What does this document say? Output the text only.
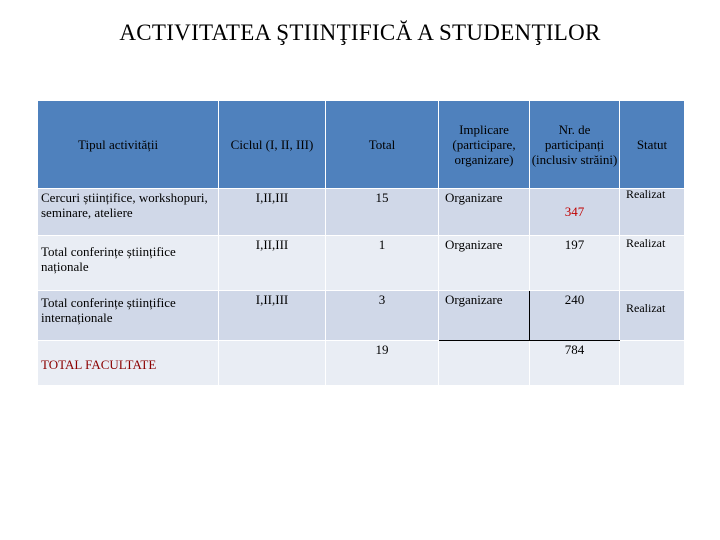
ACTIVITATEA ŞTIINŢIFICĂ A STUDENŢILOR
Tipul activității	Ciclul (I, II, III)	Total	Implicare (participare, organizare)	Nr. de participanți (inclusiv străini)	Statut
Cercuri științifice, workshopuri, seminare, ateliere	I,II,III	15	Organizare	347	Realizat

Total conferințe științifice naționale	I,II,III	1	Organizare	197	Realizat

Total conferințe științifice internaționale	I,II,III	3	Organizare	240	Realizat

TOTAL FACULTATE		19		784	
